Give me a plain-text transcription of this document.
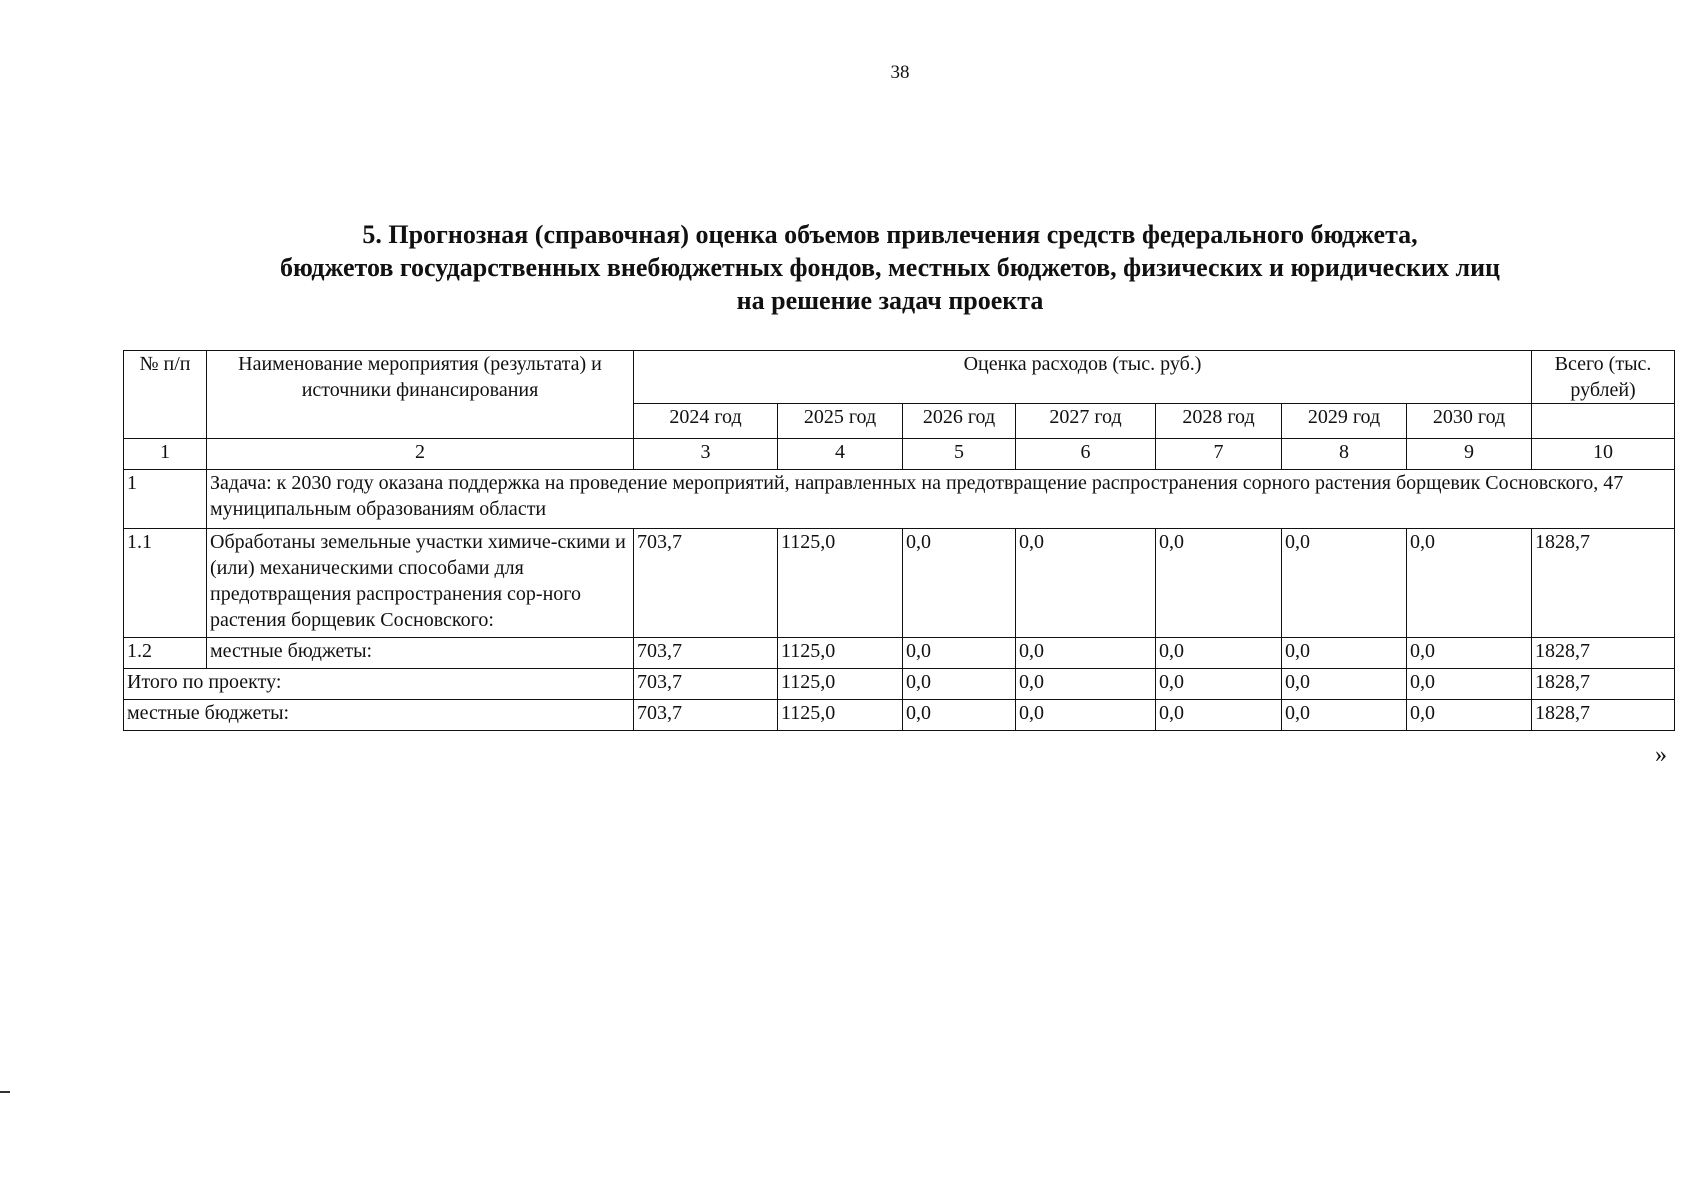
38
5. Прогнозная (справочная) оценка объемов привлечения средств федерального бюджета,
бюджетов государственных внебюджетных фондов, местных бюджетов, физических и юридических лиц
на решение задач проекта
№ п/п	Наименование мероприятия (результата) и источники финансирования	Оценка расходов (тыс. руб.)							Всего (тыс. рублей)
		2024 год	2025 год	2026 год	2027 год	2028 год	2029 год	2030 год	
1	2	3	4	5	6	7	8	9	10
1	Задача: к 2030 году оказана поддержка на проведение мероприятий, направленных на предотвращение распространения сорного растения борщевик Сосновского, 47 муниципальным образованиям области								
1.1	Обработаны земельные участки химиче-скими и (или) механическими способами для предотвращения распространения сор-ного растения борщевик Сосновского:	703,7	1125,0	0,0	0,0	0,0	0,0	0,0	1828,7
1.2	местные бюджеты:	703,7	1125,0	0,0	0,0	0,0	0,0	0,0	1828,7
Итого по проекту:		703,7	1125,0	0,0	0,0	0,0	0,0	0,0	1828,7
местные бюджеты:		703,7	1125,0	0,0	0,0	0,0	0,0	0,0	1828,7
»
